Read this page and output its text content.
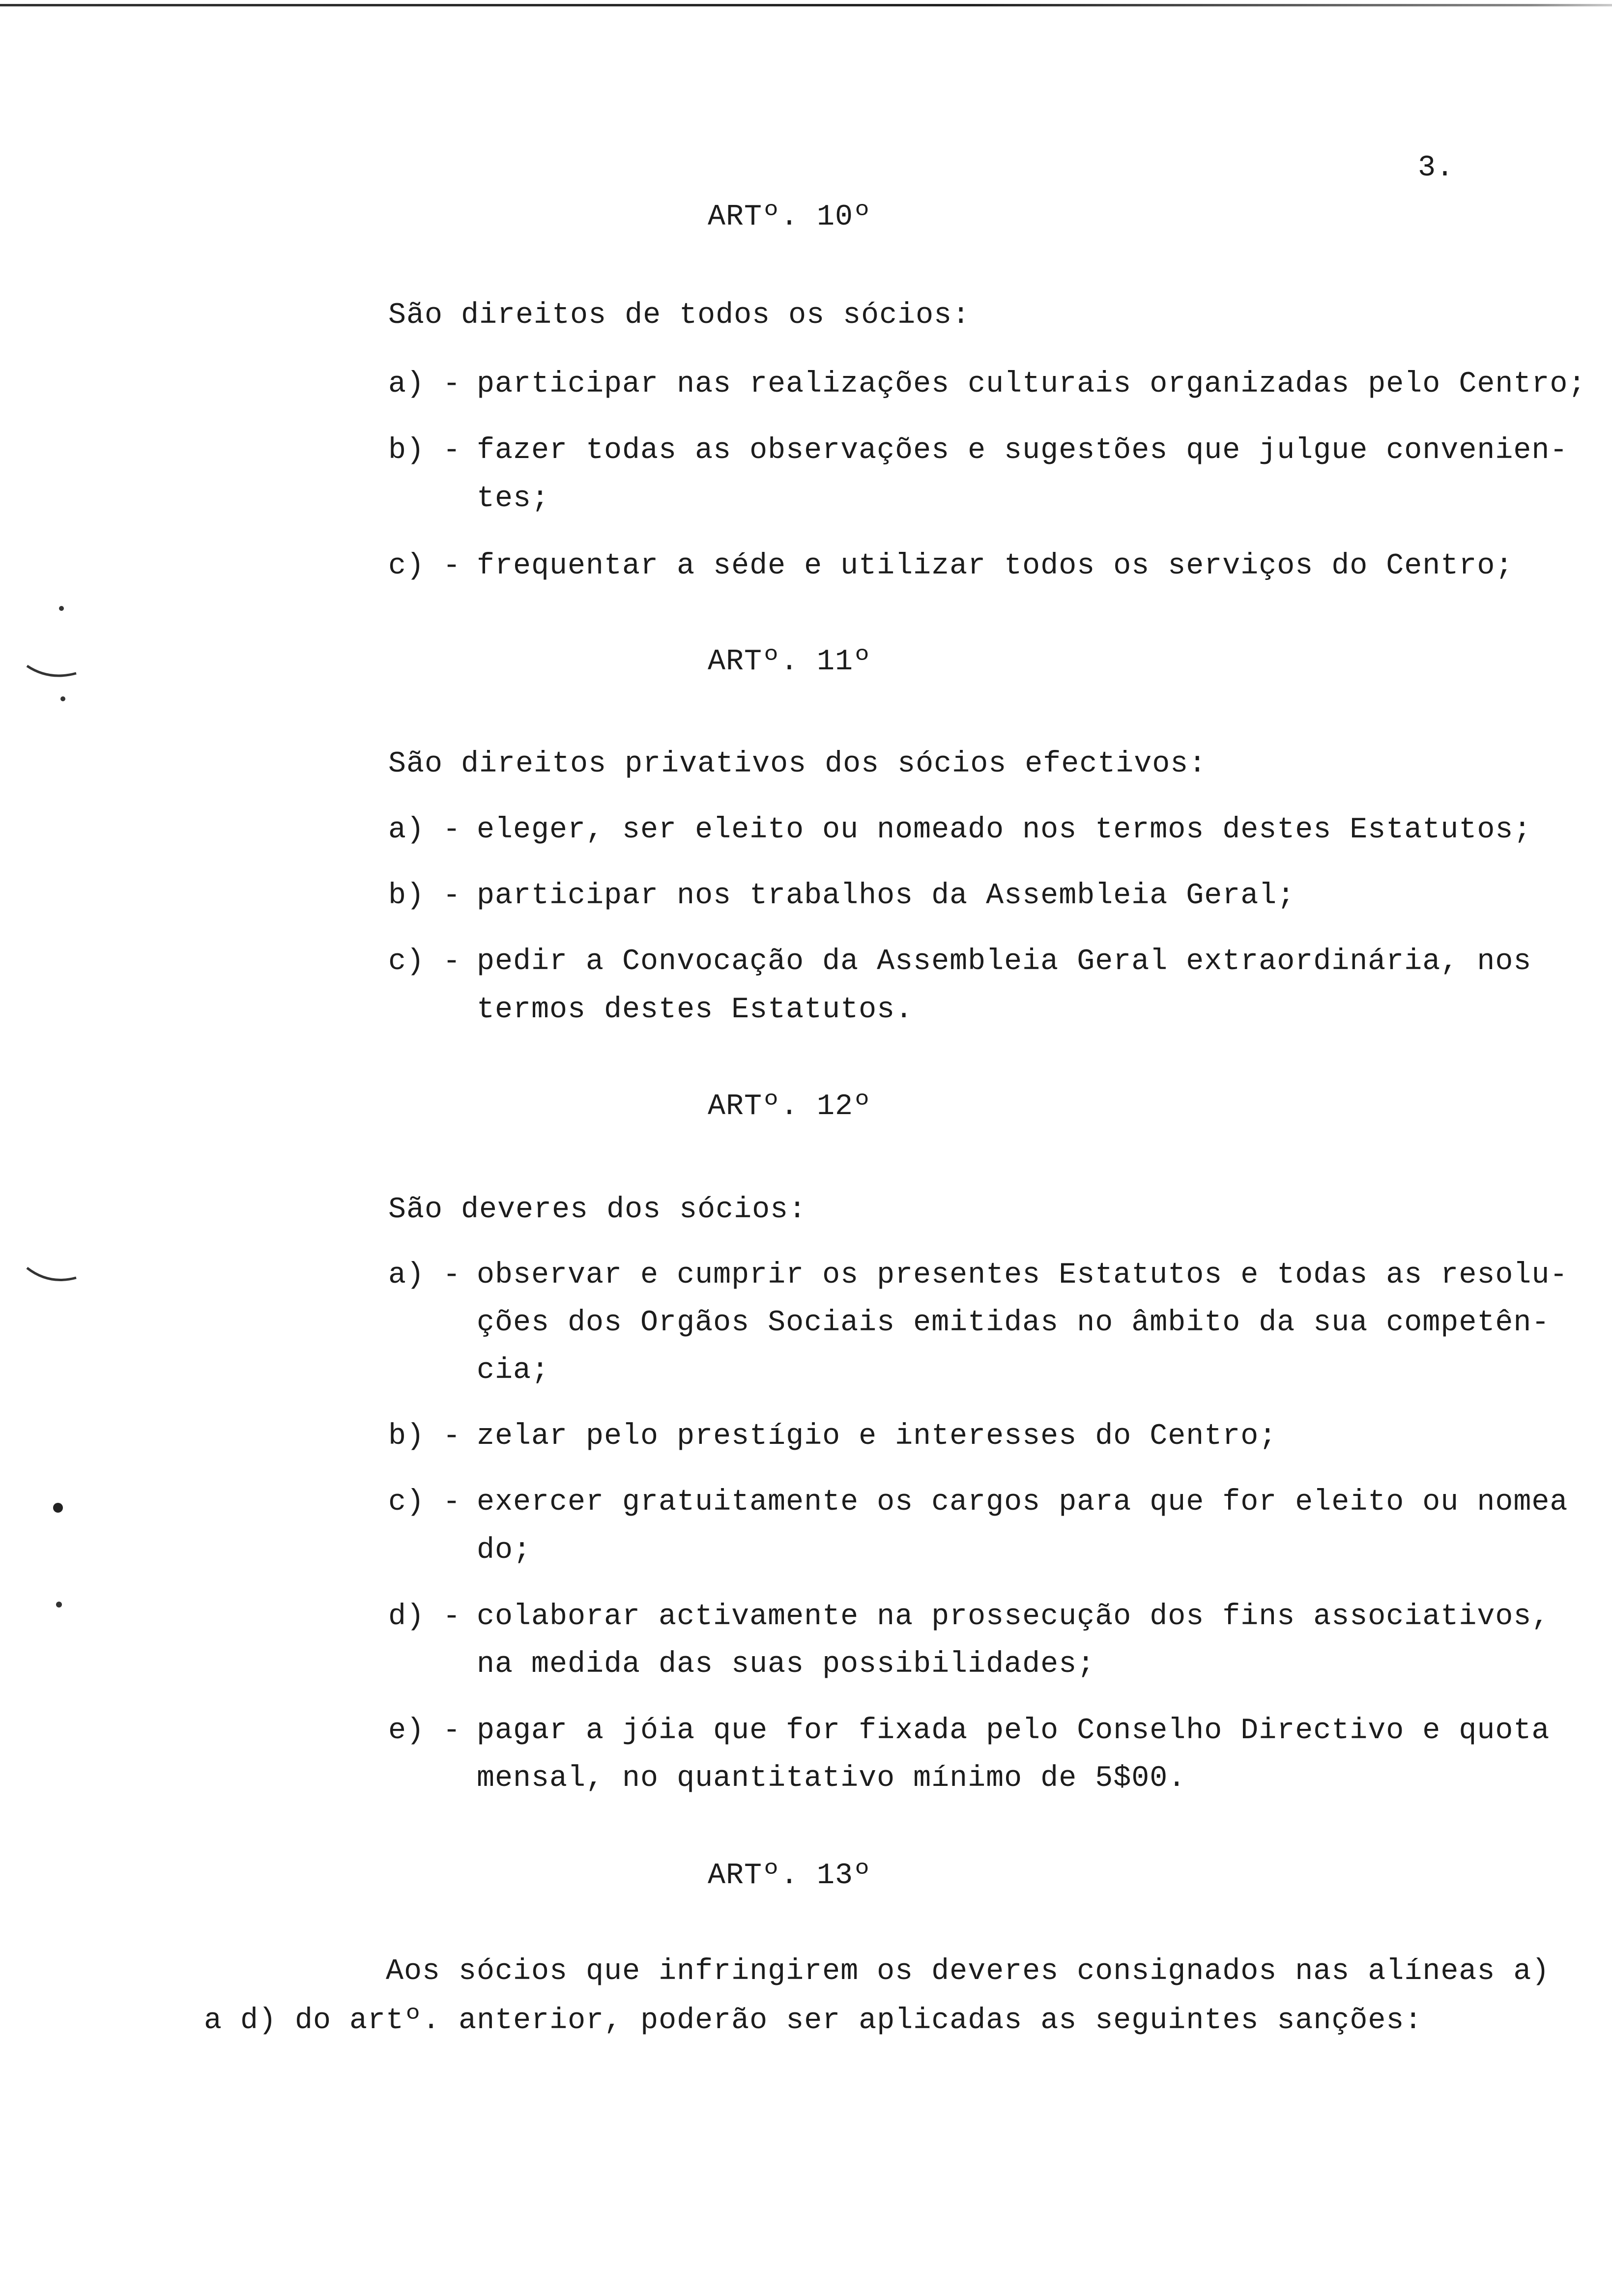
3.
ARTº. 10º
São direitos de todos os sócios:
a) - participar nas realizações culturais organizadas pelo Centro;
b) - fazer todas as observações e sugestões que julgue convenien-
tes;
c) - frequentar a séde e utilizar todos os serviços do Centro;
ARTº. 11º
São direitos privativos dos sócios efectivos:
a) - eleger, ser eleito ou nomeado nos termos destes Estatutos;
b) - participar nos trabalhos da Assembleia Geral;
c) - pedir a Convocação da Assembleia Geral extraordinária, nos
termos destes Estatutos.
ARTº. 12º
São deveres dos sócios:
a) - observar e cumprir os presentes Estatutos e todas as resolu-
ções dos Orgãos Sociais emitidas no âmbito da sua competên-
cia;
b) - zelar pelo prestígio e interesses do Centro;
c) - exercer gratuitamente os cargos para que for eleito ou nomea
do;
d) - colaborar activamente na prossecução dos fins associativos,
na medida das suas possibilidades;
e) - pagar a jóia que for fixada pelo Conselho Directivo e quota
mensal, no quantitativo mínimo de 5$00.
ARTº. 13º
Aos sócios que infringirem os deveres consignados nas alíneas a)
a d) do artº. anterior, poderão ser aplicadas as seguintes sanções:
